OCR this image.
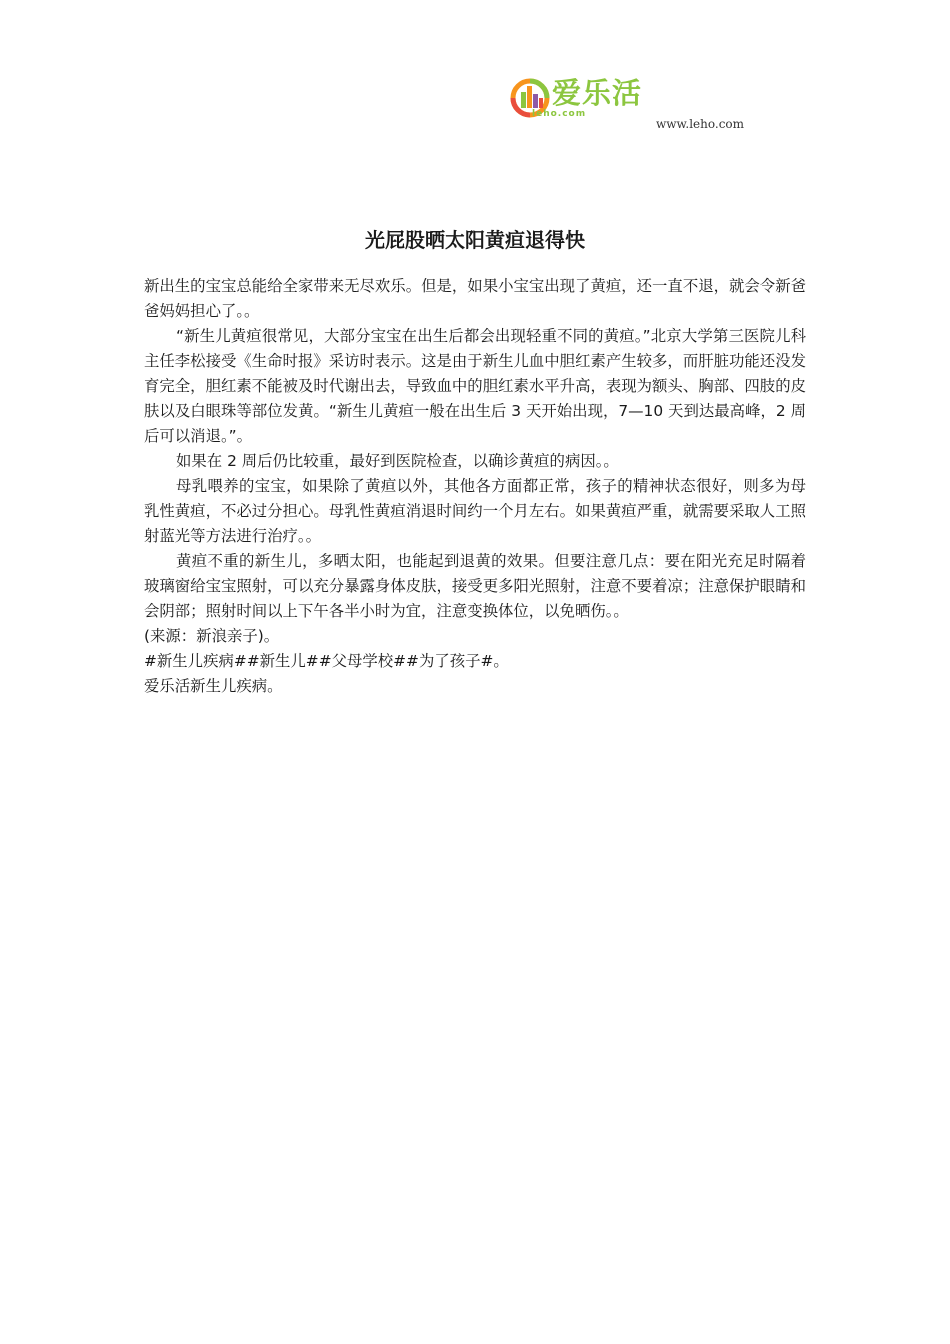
爱乐活
leho.com
www.leho.com
光屁股晒太阳黄疸退得快

新出生的宝宝总能给全家带来无尽欢乐。但是，如果小宝宝出现了黄疸，还一直不退，就会令新爸爸妈妈担心了。。

“新生儿黄疸很常见，大部分宝宝在出生后都会出现轻重不同的黄疸。”北京大学第三医院儿科主任李松接受《生命时报》采访时表示。这是由于新生儿血中胆红素产生较多，而肝脏功能还没发育完全，胆红素不能被及时代谢出去，导致血中的胆红素水平升高，表现为额头、胸部、四肢的皮肤以及白眼珠等部位发黄。“新生儿黄疸一般在出生后 3 天开始出现，7—10 天到达最高峰，2 周后可以消退。”。

如果在 2 周后仍比较重，最好到医院检查，以确诊黄疸的病因。。

母乳喂养的宝宝，如果除了黄疸以外，其他各方面都正常，孩子的精神状态很好，则多为母乳性黄疸，不必过分担心。母乳性黄疸消退时间约一个月左右。如果黄疸严重，就需要采取人工照射蓝光等方法进行治疗。。

黄疸不重的新生儿，多晒太阳，也能起到退黄的效果。但要注意几点：要在阳光充足时隔着玻璃窗给宝宝照射，可以充分暴露身体皮肤，接受更多阳光照射，注意不要着凉；注意保护眼睛和会阴部；照射时间以上下午各半小时为宜，注意变换体位，以免晒伤。。

(来源：新浪亲子)。

#新生儿疾病##新生儿##父母学校##为了孩子#。

爱乐活新生儿疾病。
